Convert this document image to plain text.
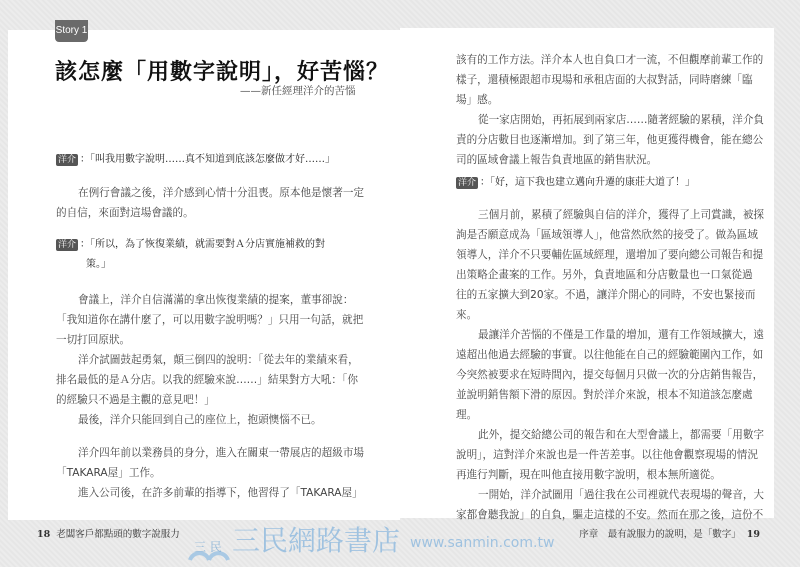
Story 1
該怎麼「用數字說明」，好苦惱？
——新任經理洋介的苦惱
洋介 ：「叫我用數字說明……真不知道到底該怎麼做才好……」
在例行會議之後，洋介感到心情十分沮喪。原本他是懷著一定
的自信，來面對這場會議的。
洋介 ：「所以，為了恢復業績，就需要對Ａ分店實施補救的對
策。」
會議上，洋介自信滿滿的拿出恢復業績的提案，董事卻說：
「我知道你在講什麼了，可以用數字說明嗎？」只用一句話，就把
一切打回原狀。
洋介試圖鼓起勇氣，顛三倒四的說明：「從去年的業績來看，
排名最低的是Ａ分店。以我的經驗來說……」結果對方大吼：「你
的經驗只不過是主觀的意見吧！」
最後，洋介只能回到自己的座位上，抱頭懊惱不已。
洋介四年前以業務員的身分，進入在關東一帶展店的超級市場
「TAKARA屋」工作。
進入公司後，在許多前輩的指導下，他習得了「TAKARA屋」
該有的工作方法。洋介本人也自負口才一流，不但觀摩前輩工作的
樣子，還積極跟超市現場和承租店面的大叔對話，同時磨練「臨
場」感。
從一家店開始，再拓展到兩家店……隨著經驗的累積，洋介負
責的分店數目也逐漸增加。到了第三年，他更獲得機會，能在總公
司的區域會議上報告負責地區的銷售狀況。
洋介 ：「好，這下我也建立邁向升遷的康莊大道了！」
三個月前，累積了經驗與自信的洋介，獲得了上司賞識，被探
詢是否願意成為「區域領導人」，他當然欣然的接受了。做為區域
領導人，洋介不只要輔佐區域經理，還增加了要向總公司報告和提
出策略企畫案的工作。另外，負責地區和分店數量也一口氣從過
往的五家擴大到20家。不過，讓洋介開心的同時，不安也緊接而
來。
最讓洋介苦惱的不僅是工作量的增加，還有工作領域擴大，遠
遠超出他過去經驗的事實。以往他能在自己的經驗範圍內工作，如
今突然被要求在短時間內，提交每個月只做一次的分店銷售報告，
並說明銷售額下滑的原因。對於洋介來說，根本不知道該怎麼處
理。
此外，提交給總公司的報告和在大型會議上，都需要「用數字
說明」，這對洋介來說也是一件苦差事。以往他會觀察現場的情況
再進行判斷，現在叫他直接用數字說明，根本無所適從。
一開始，洋介試圖用「過往我在公司裡就代表現場的聲音，大
家都會聽我說」的自負，驅走這樣的不安。然而在那之後，這份不
三 民 三民網路書店 www.sanmin.com.tw
18 老闆客戶都點頭的數字說服力	序章　最有說服力的說明，是「數字」 19
